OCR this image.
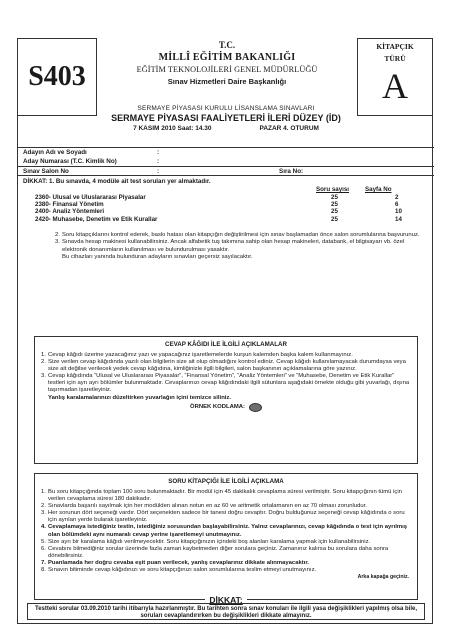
S403
T.C.
MİLLÎ EĞİTİM BAKANLIĞI
EĞİTİM TEKNOLOJİLERİ GENEL MÜDÜRLÜĞÜ
Sınav Hizmetleri Daire Başkanlığı
KİTAPÇIK
TÜRÜ
A
SERMAYE PİYASASI KURULU LİSANSLAMA SINAVLARI
SERMAYE PİYASASI FAALİYETLERİ İLERİ DÜZEY (İD)
7 KASIM 2010 Saat: 14.30	PAZAR 4. OTURUM
Adayın Adı ve Soyadı	:
Aday Numarası (T.C. Kimlik No)	:
Sınav Salon No	:	Sıra No:
DİKKAT: 1. Bu sınavda, 4 modüle ait test soruları yer almaktadır.
Soru sayısı	Sayfa No
2360- Ulusal ve Uluslararası Piyasalar	25	2
2380- Finansal Yönetim	25	6
2400- Analiz Yöntemleri	25	10
2420- Muhasebe, Denetim ve Etik Kurallar	25	14

2. Soru kitapçıklarını kontrol ederek, baskı hatası olan kitapçığın değiştirilmesi için sınav başlamadan önce salon sorumlularına başvurunuz.

3. Sınavda hesap makinesi kullanabilirsiniz. Ancak alfabetik tuş takımına sahip olan hesap makineleri, databank, el bilgisayarı vb. özel elektronik donanımların kullanılması ve bulundurulması yasaktır.

Bu cihazları yanında bulunduran adayların sınavları geçersiz sayılacaktır.

CEVAP KÂĞIDI İLE İLGİLİ AÇIKLAMALAR

1. Cevap kâğıdı üzerine yazacağınız yazı ve yapacağınız işaretlemelerde kurşun kalemden başka kalem kullanmayınız.

2. Size verilen cevap kâğıdında yazılı olan bilgilerin size ait olup olmadığını kontrol ediniz. Cevap kâğıdı kullanılamayacak durumdaysa veya size ait değilse verilecek yedek cevap kâğıdına, kimliğinizle ilgili bilgileri, salon başkanının açıklamalarına göre yazınız.

3. Cevap kâğıdında “Ulusal ve Uluslararası Piyasalar”, “Finansal Yönetim”, “Analiz Yöntemleri” ve “Muhasebe, Denetim ve Etik Kurallar” testleri için ayrı ayrı bölümler bulunmaktadır. Cevaplarınızı cevap kâğıdındaki ilgili sütunlara aşağıdaki örnekte olduğu gibi yuvarlağı, dışına taşırmadan işaretleyiniz.

Yanlış karalamalarınızı düzeltirken yuvarlağın içini temizce siliniz.

ÖRNEK KODLAMA:
SORU KİTAPÇIĞI İLE İLGİLİ AÇIKLAMA

1. Bu soru kitapçığında toplam 100 soru bulunmaktadır. Bir modül için 45 dakikalık cevaplama süresi verilmiştir. Soru kitapçığının tümü için verilen cevaplama süresi 180 dakikadır.

2. Sınavlarda başarılı sayılmak için her modülden alınan notun en az 60 ve aritmetik ortalamanın en az 70 olması zorunludur.

3. Her sorunun dört seçeneği vardır. Dört seçenekten sadece bir tanesi doğru cevaptır. Doğru bulduğunuz seçeneği cevap kâğıdında o soru için ayrılan yerde bularak işaretleyiniz.

4. Cevaplamaya istediğiniz testin, istediğiniz sorusundan başlayabilirsiniz. Yalnız cevaplarınızı, cevap kâğıdında o test için ayrılmış olan bölümdeki aynı numaralı cevap yerine işaretlemeyi unutmayınız.

5. Size ayrı bir karalama kâğıdı verilmeyecektir. Soru kitapçığınızın içindeki boş alanları karalama yapmak için kullanabilirsiniz.

6. Cevabını bilmediğiniz sorular üzerinde fazla zaman kaybetmeden diğer sorulara geçiniz. Zamanınız kalırsa bu sorulara daha sonra dönebilirsiniz.

7. Puanlamada her doğru cevaba eşit puan verilecek, yanlış cevaplarınız dikkate alınmayacaktır.

8. Sınavın bitiminde cevap kâğıdınızı ve soru kitapçığınızı salon sorumlularına teslim etmeyi unutmayınız.

Arka kapağa geçiniz.
DİKKAT:
Testteki sorular 03.09.2010 tarihi itibarıyla hazırlanmıştır. Bu tarihten sonra sınav konuları ile ilgili yasa değişiklikleri yapılmış olsa bile, soruları cevaplandırırken bu değişiklikleri dikkate almayınız.
